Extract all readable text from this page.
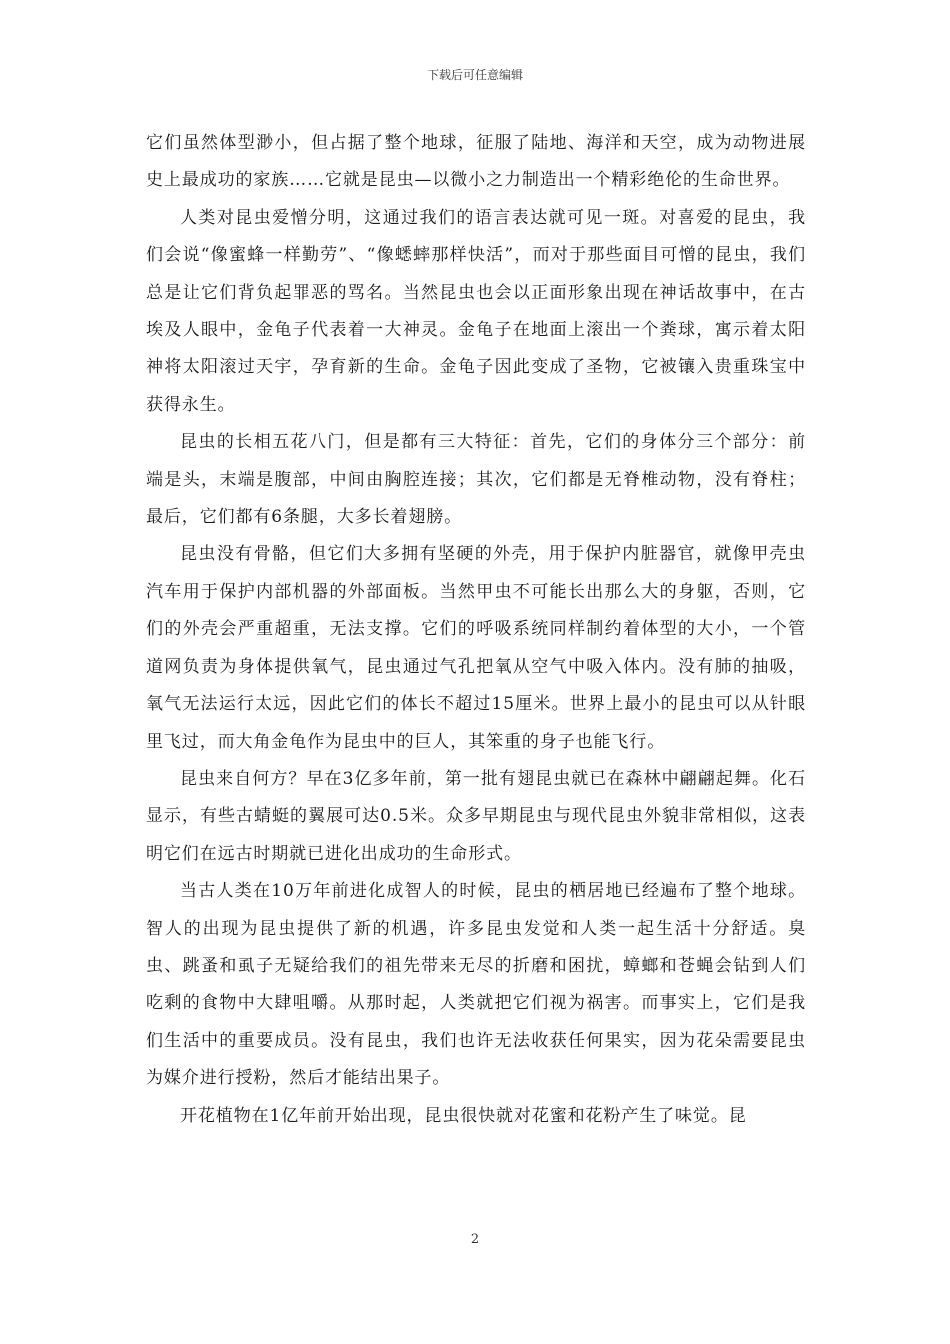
下载后可任意编辑

它们虽然体型渺小，但占据了整个地球，征服了陆地、海洋和天空，成为动物进展史上最成功的家族……它就是昆虫—以微小之力制造出一个精彩绝伦的生命世界。

人类对昆虫爱憎分明，这通过我们的语言表达就可见一斑。对喜爱的昆虫，我们会说“像蜜蜂一样勤劳”、“像蟋蟀那样快活”，而对于那些面目可憎的昆虫，我们总是让它们背负起罪恶的骂名。当然昆虫也会以正面形象出现在神话故事中，在古埃及人眼中，金龟子代表着一大神灵。金龟子在地面上滚出一个粪球，寓示着太阳神将太阳滚过天宇，孕育新的生命。金龟子因此变成了圣物，它被镶入贵重珠宝中获得永生。

昆虫的长相五花八门，但是都有三大特征：首先，它们的身体分三个部分：前端是头，末端是腹部，中间由胸腔连接；其次，它们都是无脊椎动物，没有脊柱；最后，它们都有6条腿，大多长着翅膀。

昆虫没有骨骼，但它们大多拥有坚硬的外壳，用于保护内脏器官，就像甲壳虫汽车用于保护内部机器的外部面板。当然甲虫不可能长出那么大的身躯，否则，它们的外壳会严重超重，无法支撑。它们的呼吸系统同样制约着体型的大小，一个管道网负责为身体提供氧气，昆虫通过气孔把氧从空气中吸入体内。没有肺的抽吸，氧气无法运行太远，因此它们的体长不超过15厘米。世界上最小的昆虫可以从针眼里飞过，而大角金龟作为昆虫中的巨人，其笨重的身子也能飞行。

昆虫来自何方？早在3亿多年前，第一批有翅昆虫就已在森林中翩翩起舞。化石显示，有些古蜻蜓的翼展可达0.5米。众多早期昆虫与现代昆虫外貌非常相似，这表明它们在远古时期就已进化出成功的生命形式。

当古人类在10万年前进化成智人的时候，昆虫的栖居地已经遍布了整个地球。智人的出现为昆虫提供了新的机遇，许多昆虫发觉和人类一起生活十分舒适。臭虫、跳蚤和虱子无疑给我们的祖先带来无尽的折磨和困扰，蟑螂和苍蝇会钻到人们吃剩的食物中大肆咀嚼。从那时起，人类就把它们视为祸害。而事实上，它们是我们生活中的重要成员。没有昆虫，我们也许无法收获任何果实，因为花朵需要昆虫为媒介进行授粉，然后才能结出果子。

开花植物在1亿年前开始出现，昆虫很快就对花蜜和花粉产生了味觉。昆

2
